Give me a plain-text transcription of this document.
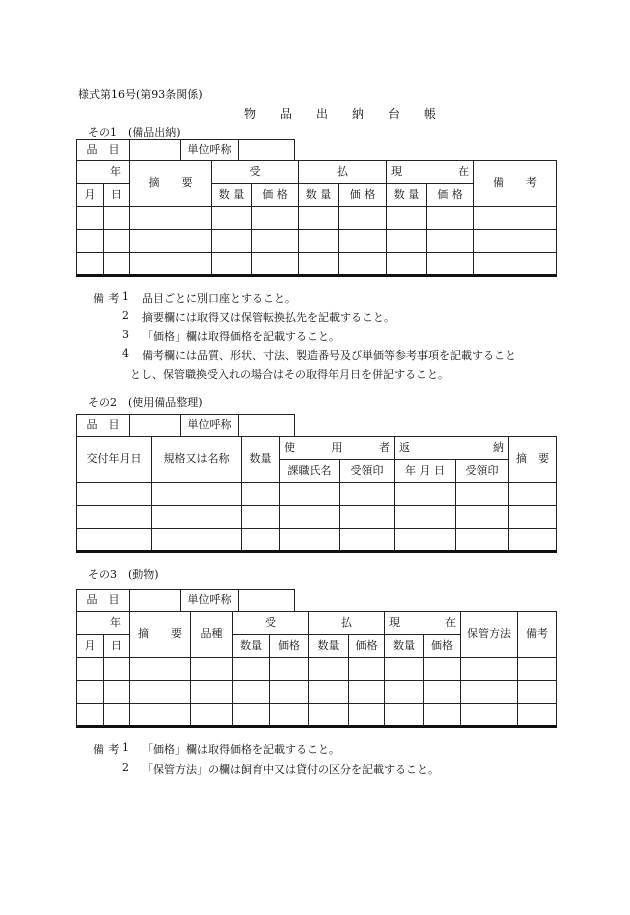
様式第16号(第93条関係)
物　品　出　納　台　帳
その1　(備品出納)
品　目		単位呼称	
年		摘　　要	受		払		現 在		備　　考
月	日		数 量	価 格	数 量	価 格	数 量	価 格	

備考
1 品目ごとに別口座とすること。
2 摘要欄には取得又は保管転換払先を記載すること。
3 「価格」欄は取得価格を記載すること。
4 備考欄には品質、形状、寸法、製造番号及び単価等参考事項を記載すること
とし、保管職換受入れの場合はその取得年月日を併記すること。
その2　(使用備品整理)
品　目		単位呼称	
交付年月日	規格又は名称	数量	使 用 者		返 納		摘　要
			課職氏名	受領印	年 月 日	受領印	

その3　(動物)
品　目		単位呼称	
年		摘　　要	品種	受		払		現 在		保管方法	備考
月	日			数量	価格	数量	価格	数量	価格		

備考
1 「価格」欄は取得価格を記載すること。
2 「保管方法」の欄は飼育中又は貸付の区分を記載すること。
